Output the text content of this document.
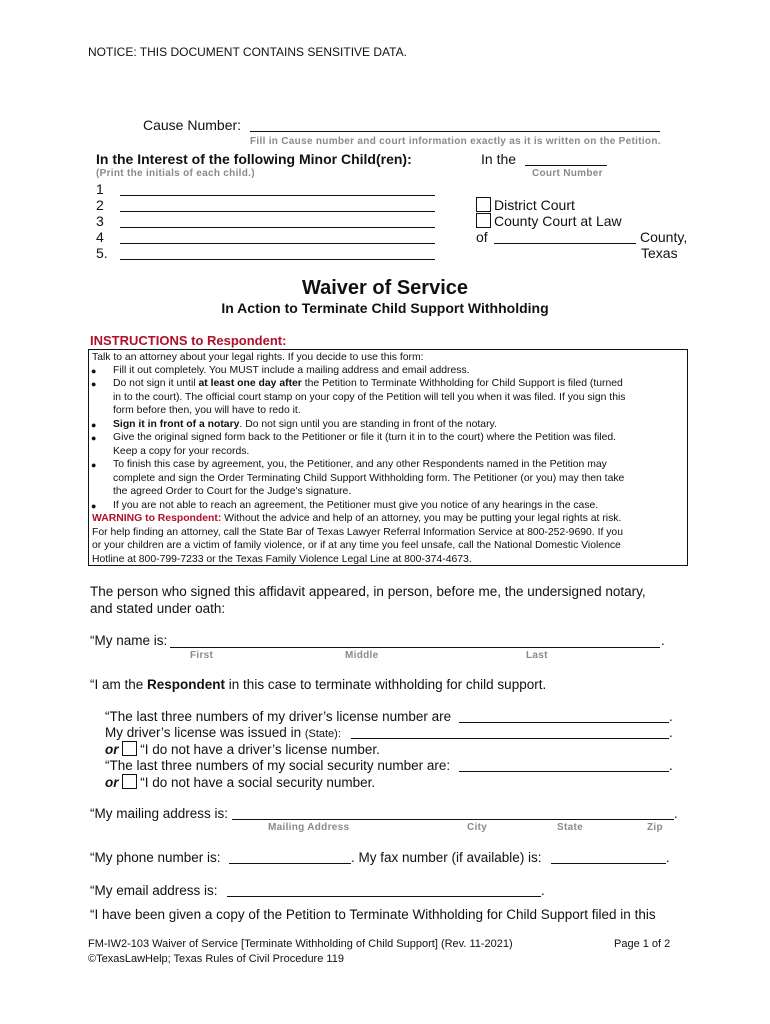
NOTICE: THIS DOCUMENT CONTAINS SENSITIVE DATA.
Cause Number:
Fill in Cause number and court information exactly as it is written on the Petition.
In the Interest of the following Minor Child(ren):	In the
Court Number
(Print the initials of each child.)
1
2
3
4
5.
District Court
County Court at Law
of	County,
Texas
Waiver of Service
In Action to Terminate Child Support Withholding
INSTRUCTIONS to Respondent:
Talk to an attorney about your legal rights. If you decide to use this form:
● Fill it out completely. You MUST include a mailing address and email address.
● Do not sign it until at least one day after the Petition to Terminate Withholding for Child Support is filed (turned
in to the court). The official court stamp on your copy of the Petition will tell you when it was filed. If you sign this
form before then, you will have to redo it.
● Sign it in front of a notary. Do not sign until you are standing in front of the notary.
● Give the original signed form back to the Petitioner or file it (turn it in to the court) where the Petition was filed.
Keep a copy for your records.
● To finish this case by agreement, you, the Petitioner, and any other Respondents named in the Petition may
complete and sign the Order Terminating Child Support Withholding form. The Petitioner (or you) may then take
the agreed Order to Court for the Judge's signature.
● If you are not able to reach an agreement, the Petitioner must give you notice of any hearings in the case.
WARNING to Respondent: Without the advice and help of an attorney, you may be putting your legal rights at risk.
For help finding an attorney, call the State Bar of Texas Lawyer Referral Information Service at 800-252-9690. If you
or your children are a victim of family violence, or if at any time you feel unsafe, call the National Domestic Violence
Hotline at 800-799-7233 or the Texas Family Violence Legal Line at 800-374-4673.
The person who signed this affidavit appeared, in person, before me, the undersigned notary,
and stated under oath:
“My name is:	.
First	Middle	Last
“I am the Respondent in this case to terminate withholding for child support.
“The last three numbers of my driver’s license number are	.
My driver’s license was issued in (State):	.
or “I do not have a driver’s license number.
“The last three numbers of my social security number are:	.
or “I do not have a social security number.
“My mailing address is:	.
Mailing Address	City	State	Zip
“My phone number is:	. My fax number (if available) is:	.
“My email address is:	.
“I have been given a copy of the Petition to Terminate Withholding for Child Support filed in this
FM-IW2-103 Waiver of Service [Terminate Withholding of Child Support] (Rev. 11-2021)
©TexasLawHelp; Texas Rules of Civil Procedure 119
Page 1 of 2
